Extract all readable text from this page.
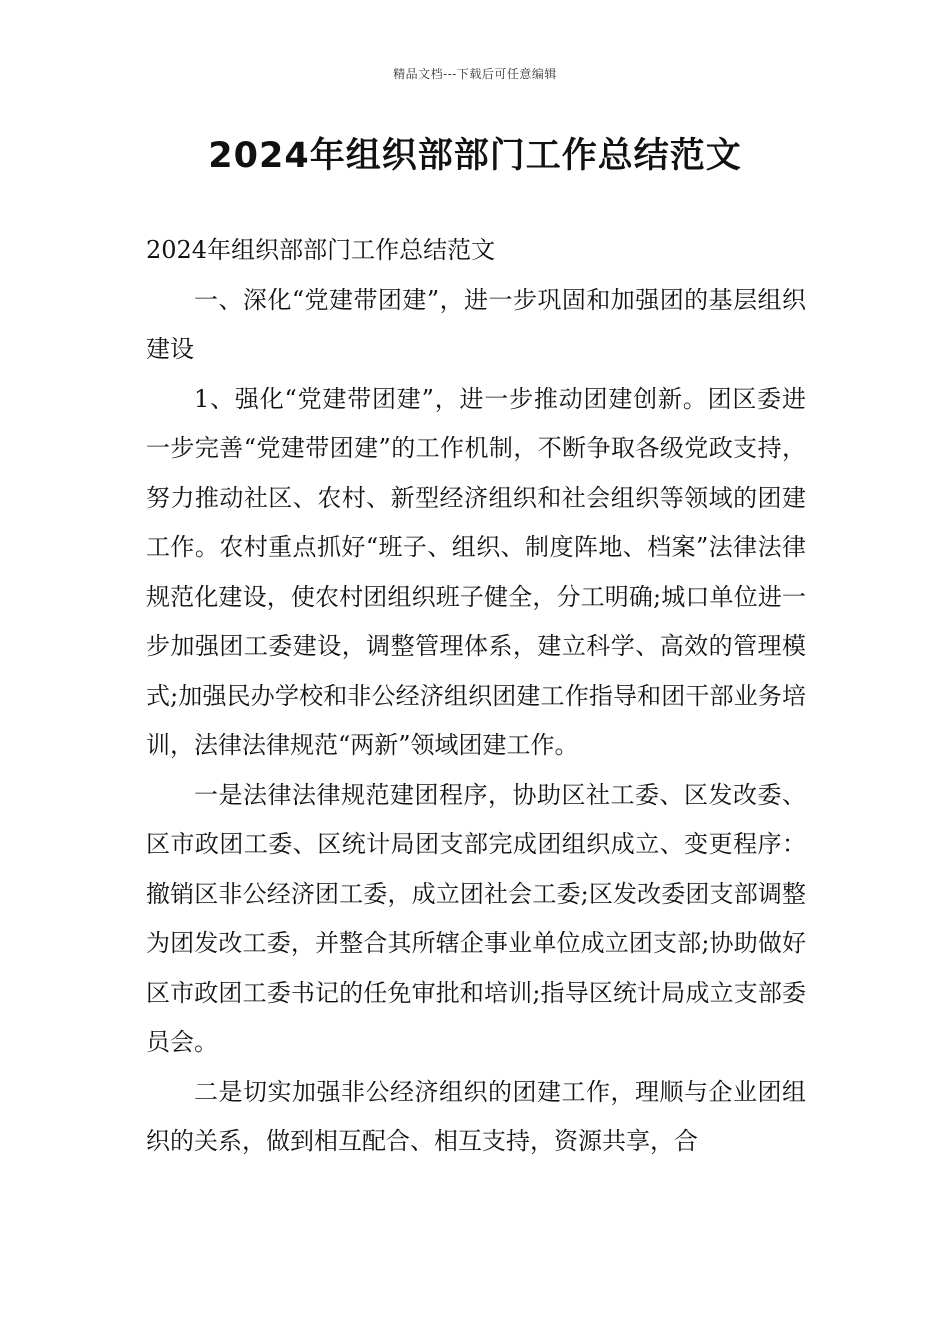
精品文档---下载后可任意编辑
2024年组织部部门工作总结范文

2024年组织部部门工作总结范文

一、深化“党建带团建”，进一步巩固和加强团的基层组织建设

1、强化“党建带团建”，进一步推动团建创新。团区委进一步完善“党建带团建”的工作机制，不断争取各级党政支持，努力推动社区、农村、新型经济组织和社会组织等领域的团建工作。农村重点抓好“班子、组织、制度阵地、档案”法律法律规范化建设，使农村团组织班子健全，分工明确;城口单位进一步加强团工委建设，调整管理体系，建立科学、高效的管理模式;加强民办学校和非公经济组织团建工作指导和团干部业务培训，法律法律规范“两新”领域团建工作。

一是法律法律规范建团程序，协助区社工委、区发改委、区市政团工委、区统计局团支部完成团组织成立、变更程序：撤销区非公经济团工委，成立团社会工委;区发改委团支部调整为团发改工委，并整合其所辖企事业单位成立团支部;协助做好区市政团工委书记的任免审批和培训;指导区统计局成立支部委员会。

二是切实加强非公经济组织的团建工作，理顺与企业团组织的关系，做到相互配合、相互支持，资源共享，合
